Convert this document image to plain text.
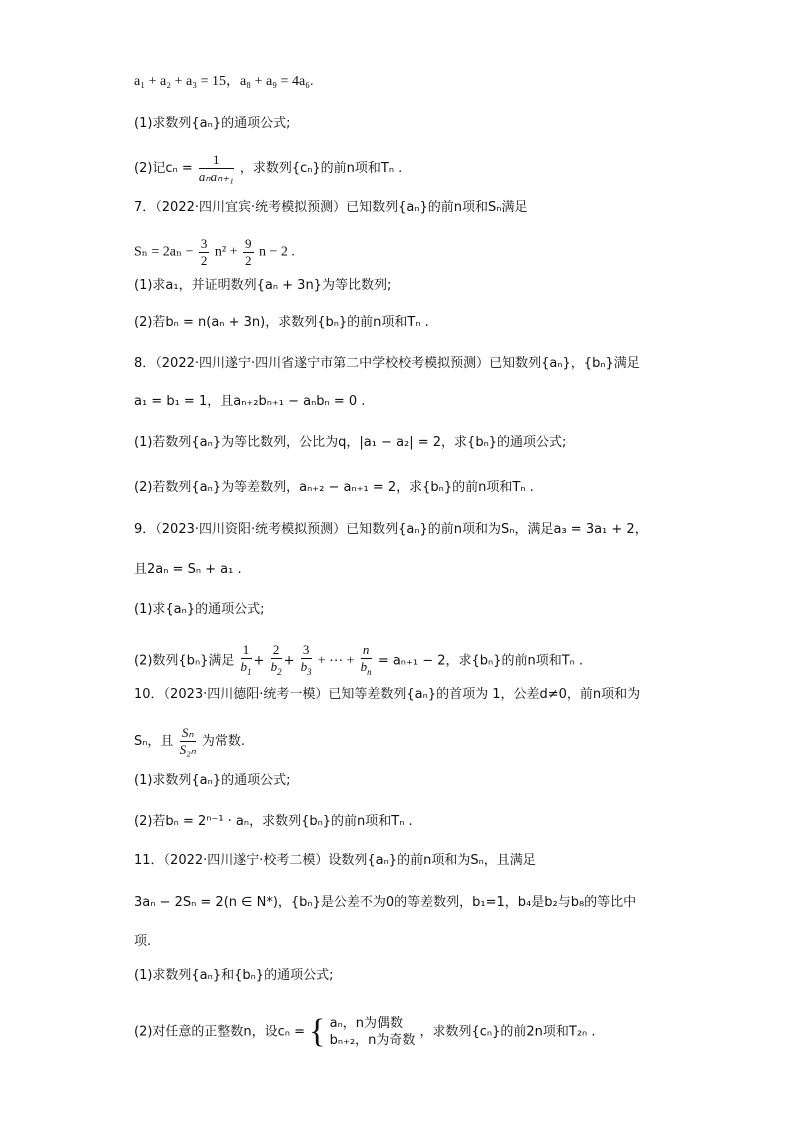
a₁ + a₂ + a₃ = 15，a₈ + a₉ = 4a₆.
(1)求数列{aₙ}的通项公式;
(2)记$c_n = \frac{1}{\text{aₙaₙ₊₁}}$ ，求数列{cₙ}的前n项和Tₙ .
7．（2022·四川宜宾·统考模拟预测）已知数列{aₙ}的前n项和Sₙ满足
$S_n = 2a_n - \frac{3}{2} n^2 + \frac{9}{2}$ n − 2 .
(1)求a₁，并证明数列{aₙ + 3n}为等比数列;
(2)若bₙ = n(aₙ + 3n)，求数列{bₙ}的前n项和Tₙ .
8．（2022·四川遂宁·四川省遂宁市第二中学校校考模拟预测）已知数列{aₙ}，{bₙ}满足
a₁ = b₁ = 1，且aₙ₊₂bₙ₊₁ − aₙbₙ = 0 .
(1)若数列{aₙ}为等比数列，公比为q，|a₁ − a₂| = 2，求{bₙ}的通项公式;
(2)若数列{aₙ}为等差数列，aₙ₊₂ − aₙ₊₁ = 2，求{bₙ}的前n项和Tₙ .
9．（2023·四川资阳·统考模拟预测）已知数列{aₙ}的前n项和为Sₙ，满足a₃ = 3a₁ + 2，
且2aₙ = Sₙ + a₁ .
(1)求{aₙ}的通项公式;
(2)数列{bₙ}满足 $\frac{1}{b_1} + \frac{2}{b_2} + \frac{3}{b_3}$ + ⋯ + $\frac{n}{b_n} = a_{n+1} - 2$，求{bₙ}的前n项和Tₙ .
10．（2023·四川德阳·统考一模）已知等差数列{aₙ}的首项为 1，公差d≠0，前n项和为
Sₙ，且 $\frac{\text{Sₙ}}{\text{S₂ₙ}}$ 为常数.
(1)求数列{aₙ}的通项公式;
(2)若bₙ = 2ⁿ⁻¹ · aₙ，求数列{bₙ}的前n项和Tₙ .
11．（2022·四川遂宁·校考二模）设数列{aₙ}的前n项和为Sₙ，且满足
3aₙ − 2Sₙ = 2(n ∈ N*)，{bₙ}是公差不为0的等差数列，b₁=1，b₄是b₂与b₈的等比中
项.
(1)求数列{aₙ}和{bₙ}的通项公式;
(2)对任意的正整数n，设cₙ = { aₙ，n为偶数
bₙ₊₂，n为奇数
，求数列{cₙ}的前2n项和T₂ₙ .
